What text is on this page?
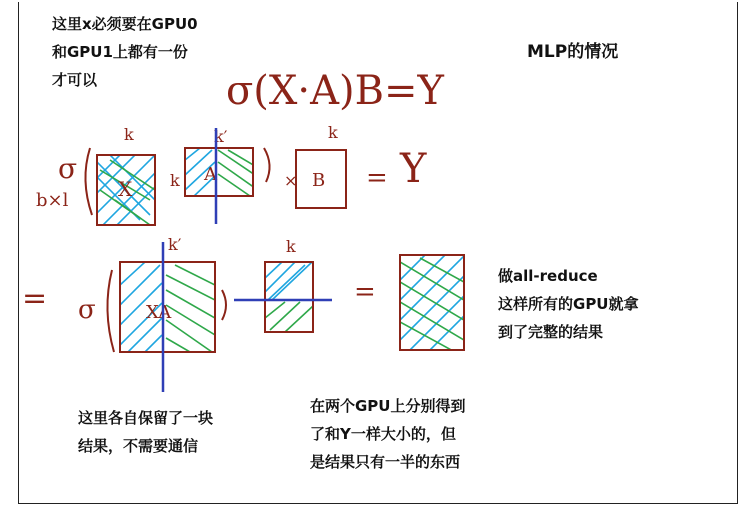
这里x必须要在GPU0
和GPU1上都有一份
才可以
MLP的情况
做all-reduce
这样所有的GPU就拿
到了完整的结果
这里各自保留了一块
结果，不需要通信
在两个GPU上分别得到
了和Y一样大小的，但
是结果只有一半的东西
σ(X·A)B=Y
k	k′	k
b×l
σ
X k A	× B = Y
= σ
k′
XA
k
=
